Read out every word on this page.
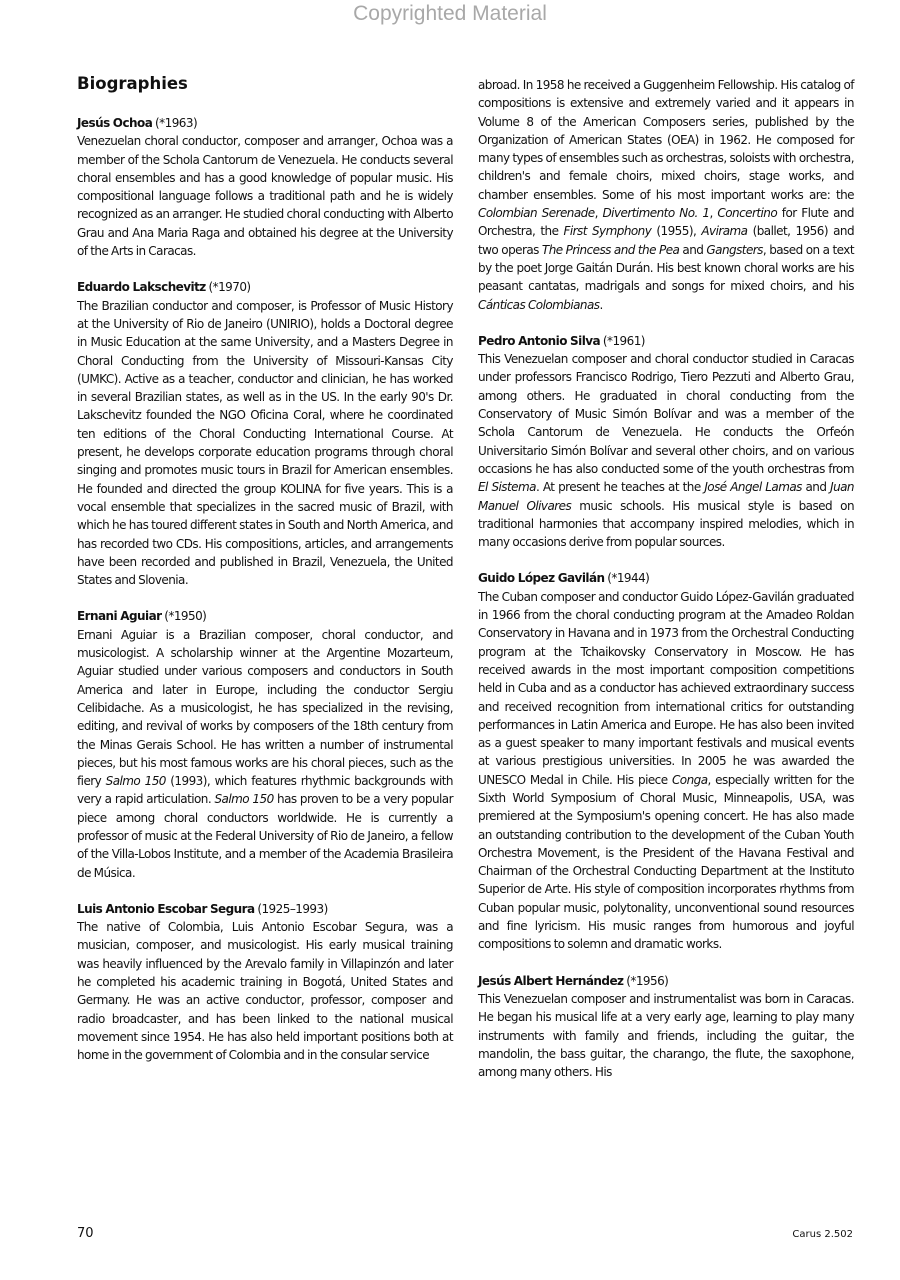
Copyrighted Material
Biographies

Jesús Ochoa (*1963)

Venezuelan choral conductor, composer and arranger, Ochoa was a member of the Schola Cantorum de Venezuela. He conducts several choral ensembles and has a good knowledge of popular music. His compositional language follows a traditional path and he is widely recognized as an arranger. He studied choral conducting with Alberto Grau and Ana Maria Raga and obtained his degree at the University of the Arts in Caracas.

Eduardo Lakschevitz (*1970)

The Brazilian conductor and composer, is Professor of Music History at the University of Rio de Janeiro (UNIRIO), holds a Doctoral degree in Music Education at the same University, and a Masters Degree in Choral Conducting from the University of Missouri-Kansas City (UMKC). Active as a teacher, conductor and clinician, he has worked in several Brazilian states, as well as in the US. In the early 90's Dr. Lakschevitz founded the NGO Oficina Coral, where he coordinated ten editions of the Choral Conducting International Course. At present, he develops corporate education programs through choral singing and promotes music tours in Brazil for American ensembles. He founded and directed the group KOLINA for five years. This is a vocal ensemble that specializes in the sacred music of Brazil, with which he has toured different states in South and North America, and has recorded two CDs. His compositions, articles, and arrangements have been recorded and published in Brazil, Venezuela, the United States and Slovenia.

Ernani Aguiar (*1950)

Ernani Aguiar is a Brazilian composer, choral conductor, and musicologist. A scholarship winner at the Argentine Mozarteum, Aguiar studied under various composers and conductors in South America and later in Europe, including the conductor Sergiu Celibidache. As a musicologist, he has specialized in the revising, editing, and revival of works by composers of the 18th century from the Minas Gerais School. He has written a number of instrumental pieces, but his most famous works are his choral pieces, such as the fiery Salmo 150 (1993), which features rhythmic backgrounds with very a rapid articulation. Salmo 150 has proven to be a very popular piece among choral conductors worldwide. He is currently a professor of music at the Federal University of Rio de Janeiro, a fellow of the Villa-Lobos Institute, and a member of the Academia Brasileira de Música.

Luis Antonio Escobar Segura (1925–1993)

The native of Colombia, Luis Antonio Escobar Segura, was a musician, composer, and musicologist. His early musical training was heavily influenced by the Arevalo family in Villapinzón and later he completed his academic training in Bogotá, United States and Germany. He was an active conductor, professor, composer and radio broadcaster, and has been linked to the national musical movement since 1954. He has also held important positions both at home in the government of Colombia and in the consular service

abroad. In 1958 he received a Guggenheim Fellowship. His catalog of compositions is extensive and extremely varied and it appears in Volume 8 of the American Composers series, published by the Organization of American States (OEA) in 1962. He composed for many types of ensembles such as orchestras, soloists with orchestra, children's and female choirs, mixed choirs, stage works, and chamber ensembles. Some of his most important works are: the Colombian Serenade, Divertimento No. 1, Concertino for Flute and Orchestra, the First Symphony (1955), Avirama (ballet, 1956) and two operas The Princess and the Pea and Gangsters, based on a text by the poet Jorge Gaitán Durán. His best known choral works are his peasant cantatas, madrigals and songs for mixed choirs, and his Cánticas Colombianas.

Pedro Antonio Silva (*1961)

This Venezuelan composer and choral conductor studied in Caracas under professors Francisco Rodrigo, Tiero Pezzuti and Alberto Grau, among others. He graduated in choral conducting from the Conservatory of Music Simón Bolívar and was a member of the Schola Cantorum de Venezuela. He conducts the Orfeón Universitario Simón Bolívar and several other choirs, and on various occasions he has also conducted some of the youth orchestras from El Sistema. At present he teaches at the José Angel Lamas and Juan Manuel Olivares music schools. His musical style is based on traditional harmonies that accompany inspired melodies, which in many occasions derive from popular sources.

Guido López Gavilán (*1944)

The Cuban composer and conductor Guido López-Gavilán graduated in 1966 from the choral conducting program at the Amadeo Roldan Conservatory in Havana and in 1973 from the Orchestral Conducting program at the Tchaikovsky Conservatory in Moscow. He has received awards in the most important composition competitions held in Cuba and as a conductor has achieved extraordinary success and received recognition from international critics for outstanding performances in Latin America and Europe. He has also been invited as a guest speaker to many important festivals and musical events at various prestigious universities. In 2005 he was awarded the UNESCO Medal in Chile. His piece Conga, especially written for the Sixth World Symposium of Choral Music, Minneapolis, USA, was premiered at the Symposium's opening concert. He has also made an outstanding contribution to the development of the Cuban Youth Orchestra Movement, is the President of the Havana Festival and Chairman of the Orchestral Conducting Department at the Instituto Superior de Arte. His style of composition incorporates rhythms from Cuban popular music, polytonality, unconventional sound resources and fine lyricism. His music ranges from humorous and joyful compositions to solemn and dramatic works.

Jesús Albert Hernández (*1956)

This Venezuelan composer and instrumentalist was born in Caracas. He began his musical life at a very early age, learning to play many instruments with family and friends, including the guitar, the mandolin, the bass guitar, the charango, the flute, the saxophone, among many others. His

70	Carus 2.502
